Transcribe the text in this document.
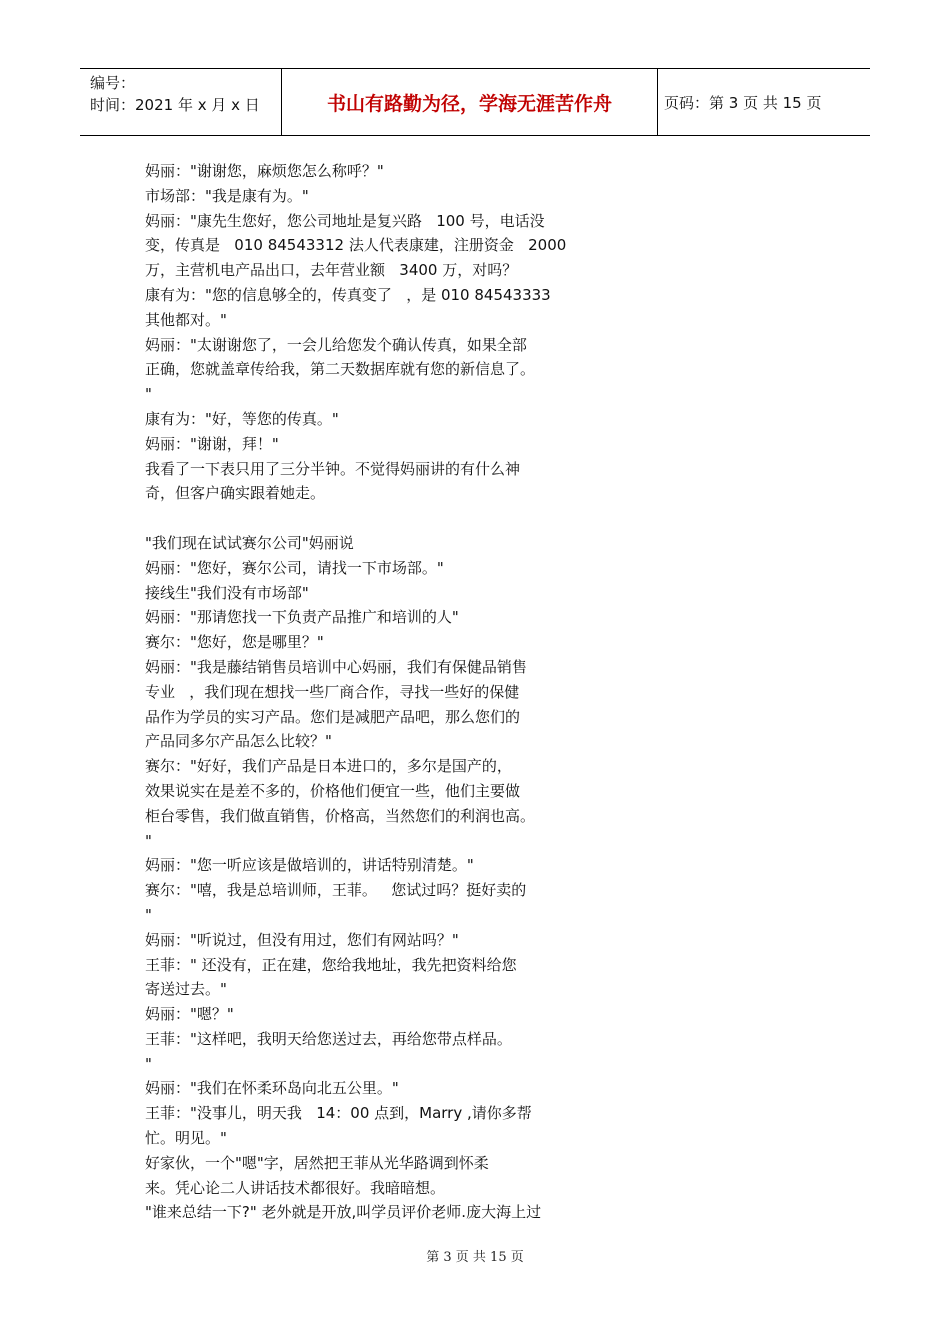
编号：
时间：2021 年 x 月 x 日	书山有路勤为径，学海无涯苦作舟	页码：第 3 页 共 15 页
妈丽："谢谢您，麻烦您怎么称呼？"
市场部："我是康有为。"
妈丽："康先生您好，您公司地址是复兴路   100 号，电话没
变，传真是   010 84543312 法人代表康建，注册资金   2000
万，主营机电产品出口，去年营业额   3400 万，对吗？
康有为："您的信息够全的，传真变了   ，是 010 84543333
其他都对。"
妈丽："太谢谢您了，一会儿给您发个确认传真，如果全部
正确，您就盖章传给我，第二天数据库就有您的新信息了。
"
康有为："好，等您的传真。"
妈丽："谢谢，拜！"
我看了一下表只用了三分半钟。不觉得妈丽讲的有什么神
奇，但客户确实跟着她走。
"我们现在试试赛尔公司"妈丽说
妈丽："您好，赛尔公司，请找一下市场部。"
接线生"我们没有市场部"
妈丽："那请您找一下负责产品推广和培训的人"
赛尔："您好，您是哪里？"
妈丽："我是藤结销售员培训中心妈丽，我们有保健品销售
专业   ，我们现在想找一些厂商合作，寻找一些好的保健
品作为学员的实习产品。您们是减肥产品吧，那么您们的
产品同多尔产品怎么比较？"
赛尔："好好，我们产品是日本进口的，多尔是国产的，
效果说实在是差不多的，价格他们便宜一些，他们主要做
柜台零售，我们做直销售，价格高，当然您们的利润也高。
"
妈丽："您一听应该是做培训的，讲话特别清楚。"
赛尔："嘻，我是总培训师，王菲。   您试过吗？挺好卖的
"
妈丽："听说过，但没有用过，您们有网站吗？"
王菲：" 还没有，正在建，您给我地址，我先把资料给您
寄送过去。"
妈丽："嗯？"
王菲："这样吧，我明天给您送过去，再给您带点样品。
"
妈丽："我们在怀柔环岛向北五公里。"
王菲："没事儿，明天我   14：00 点到，Marry ,请你多帮
忙。明见。"
好家伙，一个"嗯"字，居然把王菲从光华路调到怀柔
来。凭心论二人讲话技术都很好。我暗暗想。
"谁来总结一下?" 老外就是开放,叫学员评价老师.庞大海上过
第 3 页 共 15 页
